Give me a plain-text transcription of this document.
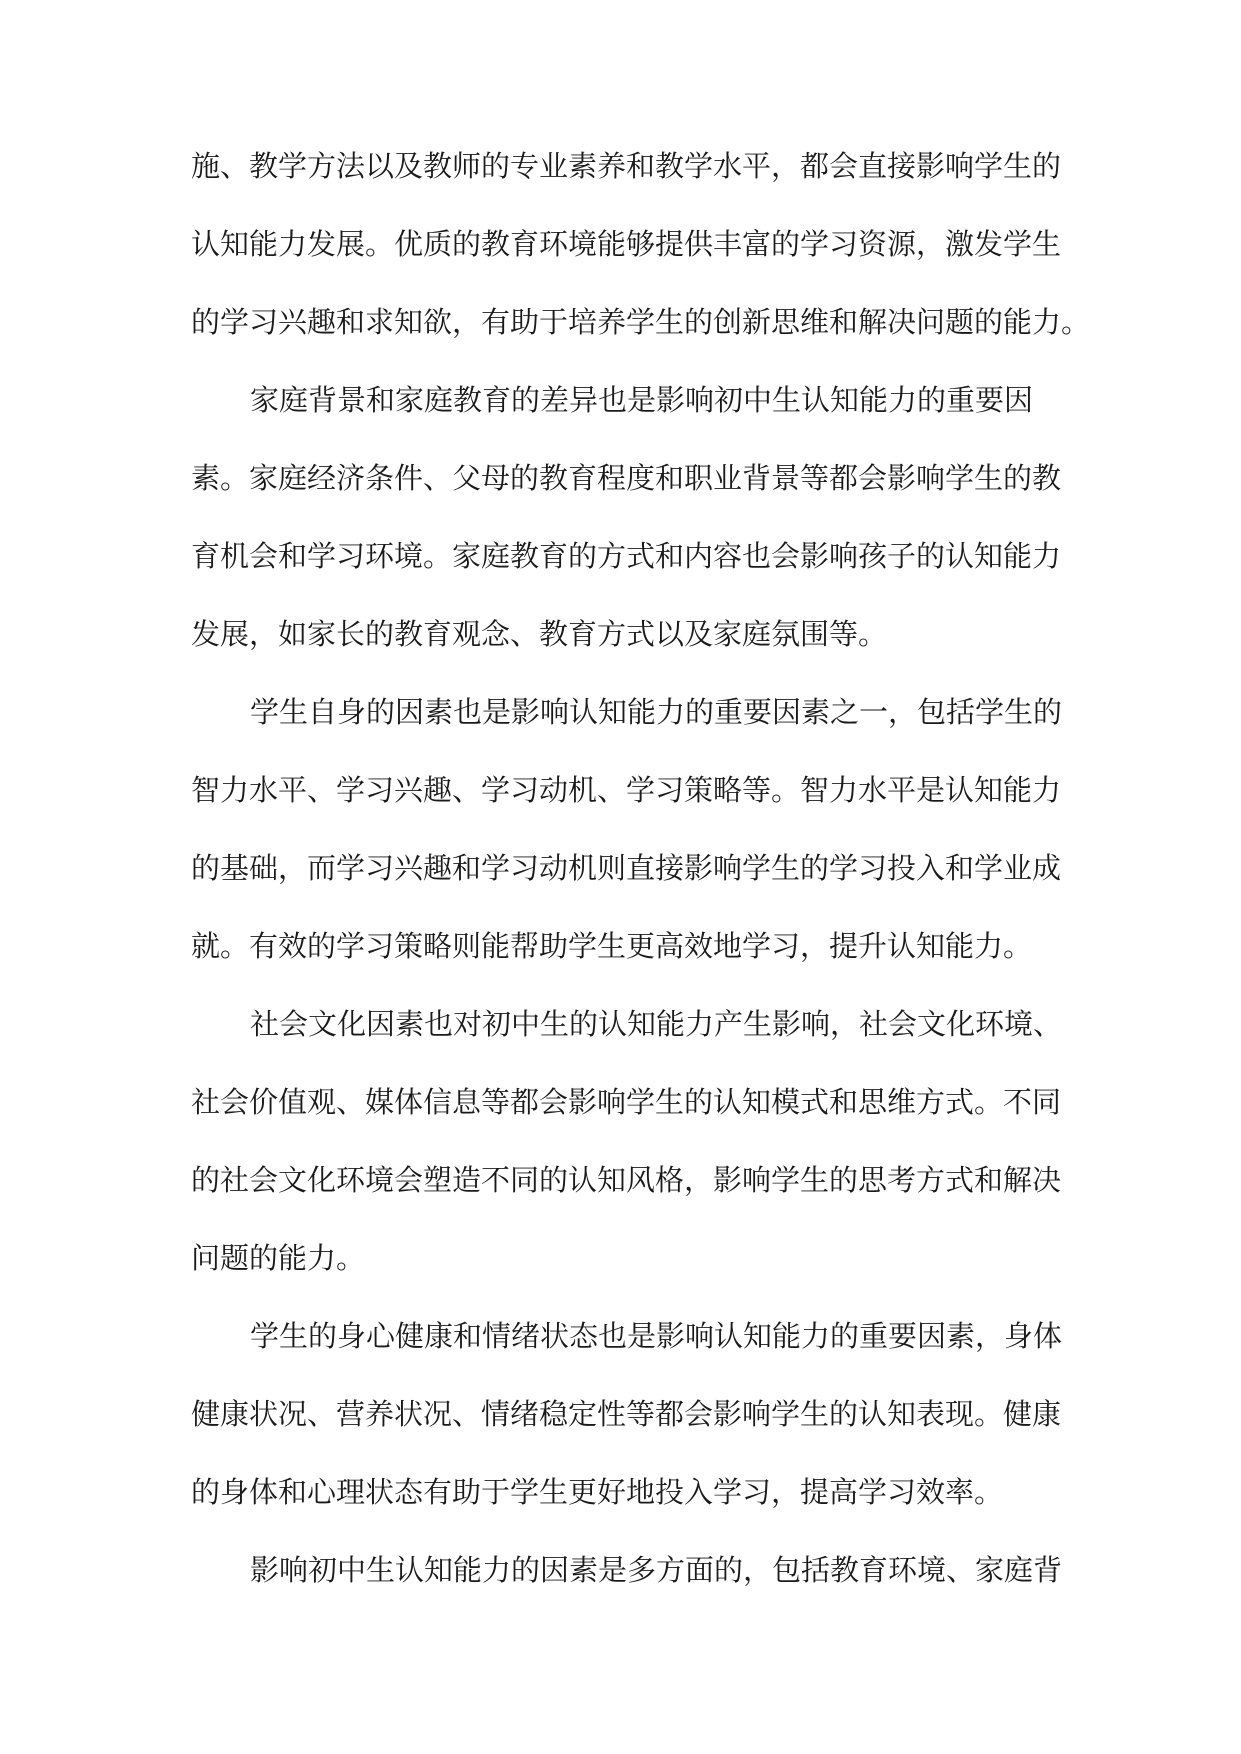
施、教学方法以及教师的专业素养和教学水平，都会直接影响学生的

认知能力发展。优质的教育环境能够提供丰富的学习资源，激发学生

的学习兴趣和求知欲，有助于培养学生的创新思维和解决问题的能力。

家庭背景和家庭教育的差异也是影响初中生认知能力的重要因

素。家庭经济条件、父母的教育程度和职业背景等都会影响学生的教

育机会和学习环境。家庭教育的方式和内容也会影响孩子的认知能力

发展，如家长的教育观念、教育方式以及家庭氛围等。

学生自身的因素也是影响认知能力的重要因素之一，包括学生的

智力水平、学习兴趣、学习动机、学习策略等。智力水平是认知能力

的基础，而学习兴趣和学习动机则直接影响学生的学习投入和学业成

就。有效的学习策略则能帮助学生更高效地学习，提升认知能力。

社会文化因素也对初中生的认知能力产生影响，社会文化环境、

社会价值观、媒体信息等都会影响学生的认知模式和思维方式。不同

的社会文化环境会塑造不同的认知风格，影响学生的思考方式和解决

问题的能力。

学生的身心健康和情绪状态也是影响认知能力的重要因素，身体

健康状况、营养状况、情绪稳定性等都会影响学生的认知表现。健康

的身体和心理状态有助于学生更好地投入学习，提高学习效率。

影响初中生认知能力的因素是多方面的，包括教育环境、家庭背
